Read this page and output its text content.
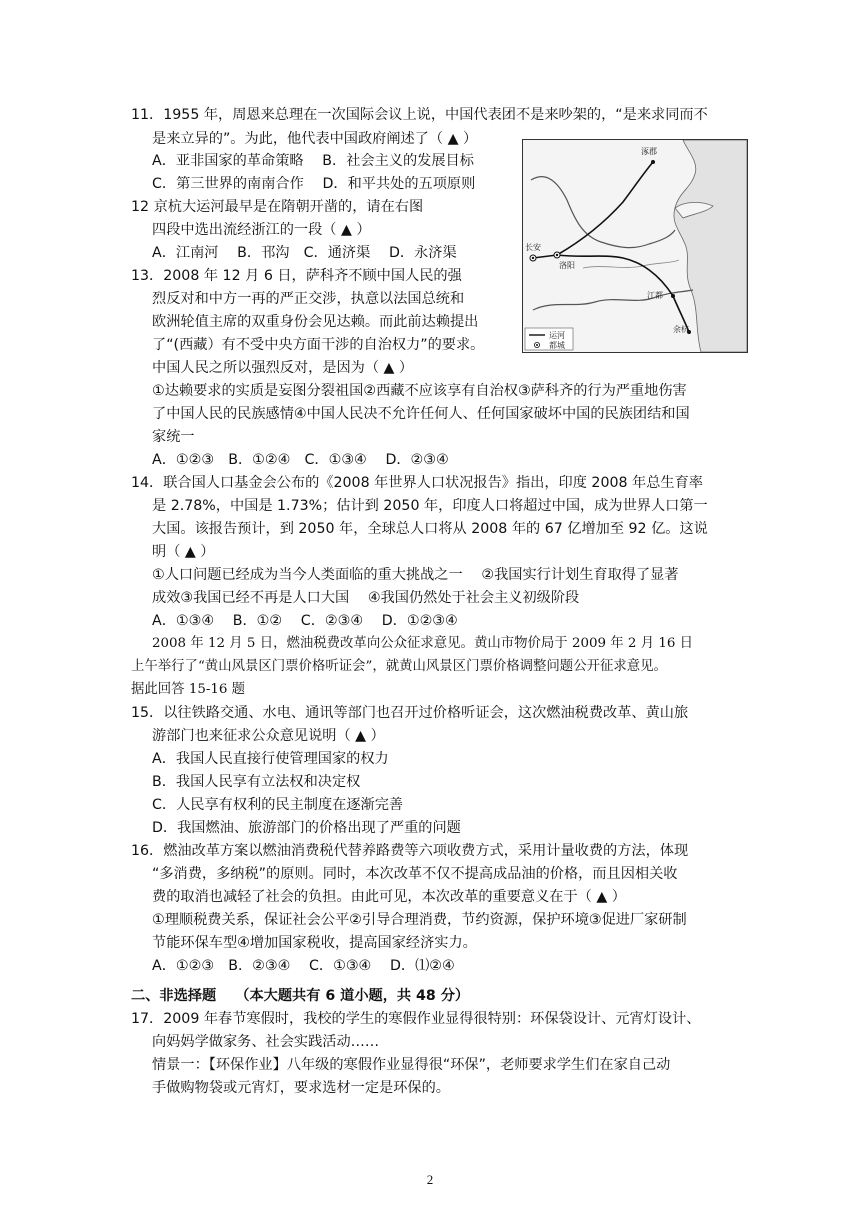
11．1955 年，周恩来总理在一次国际会议上说，中国代表团不是来吵架的，“是来求同而不
是来立异的”。为此，他代表中国政府阐述了（ ▲ ）
A．亚非国家的革命策略　 B．社会主义的发展目标
C．第三世界的南南合作　 D．和平共处的五项原则
12 京杭大运河最早是在隋朝开凿的，请在右图
四段中选出流经浙江的一段（ ▲ ）
A．江南河　 B．邗沟　C．通济渠　 D．永济渠
13．2008 年 12 月 6 日，萨科齐不顾中国人民的强
烈反对和中方一再的严正交涉，执意以法国总统和
欧洲轮值主席的双重身份会见达赖。而此前达赖提出
了“(西藏）有不受中央方面干涉的自治权力”的要求。
中国人民之所以强烈反对，是因为（ ▲ ）
①达赖要求的实质是妄图分裂祖国②西藏不应该享有自治权③萨科齐的行为严重地伤害
了中国人民的民族感情④中国人民决不允许任何人、任何国家破坏中国的民族团结和国
家统一
A．①②③　B．①②④　C．①③④　 D．②③④
14．联合国人口基金会公布的《2008 年世界人口状况报告》指出，印度 2008 年总生育率
是 2.78%，中国是 1.73%；估计到 2050 年，印度人口将超过中国，成为世界人口第一
大国。该报告预计，到 2050 年，全球总人口将从 2008 年的 67 亿增加至 92 亿。这说
明（ ▲ ）
①人口问题已经成为当今人类面临的重大挑战之一　 ②我国实行计划生育取得了显著
成效③我国已经不再是人口大国　 ④我国仍然处于社会主义初级阶段
A．①③④　 B．①②　 C．②③④　 D．①②③④
2008 年 12 月 5 日，燃油税费改革向公众征求意见。黄山市物价局于 2009 年 2 月 16 日
上午举行了“黄山风景区门票价格听证会”，就黄山风景区门票价格调整问题公开征求意见。
据此回答 15-16 题
15．以往铁路交通、水电、通讯等部门也召开过价格听证会，这次燃油税费改革、黄山旅
游部门也来征求公众意见说明（ ▲ ）
A．我国人民直接行使管理国家的权力
B．我国人民享有立法权和决定权
C．人民享有权利的民主制度在逐渐完善
D．我国燃油、旅游部门的价格出现了严重的问题
16．燃油改革方案以燃油消费税代替养路费等六项收费方式，采用计量收费的方法，体现
“多消费，多纳税”的原则。同时，本次改革不仅不提高成品油的价格，而且因相关收
费的取消也减轻了社会的负担。由此可见，本次改革的重要意义在于（ ▲ ）
①理顺税费关系，保证社会公平②引导合理消费，节约资源，保护环境③促进厂家研制
节能环保车型④增加国家税收，提高国家经济实力。
A．①②③　B．②③④　 C．①③④　 D．⑴②④
二、非选择题　 （本大题共有 6 道小题，共 48 分）
17．2009 年春节寒假时，我校的学生的寒假作业显得很特别：环保袋设计、元宵灯设计、
向妈妈学做家务、社会实践活动……
情景一：【环保作业】八年级的寒假作业显得很“环保”，老师要求学生们在家自己动
手做购物袋或元宵灯，要求选材一定是环保的。
涿郡
长安
洛阳
江都
余杭
运河
都城
2
